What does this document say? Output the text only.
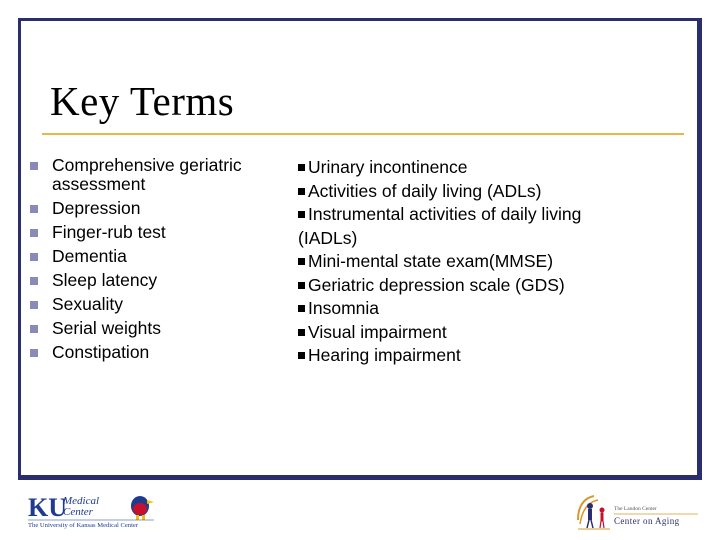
Key Terms
Comprehensive geriatric assessment
Depression
Finger-rub test
Dementia
Sleep latency
Sexuality
Serial weights
Constipation
Urinary incontinence
Activities of daily living (ADLs)
Instrumental activities of daily living (IADLs)
Mini-mental state exam(MMSE)
Geriatric depression scale (GDS)
Insomnia
Visual impairment
Hearing impairment
KU
Medical
Center
The University of Kansas Medical Center
The Landon Center
Center on Aging
